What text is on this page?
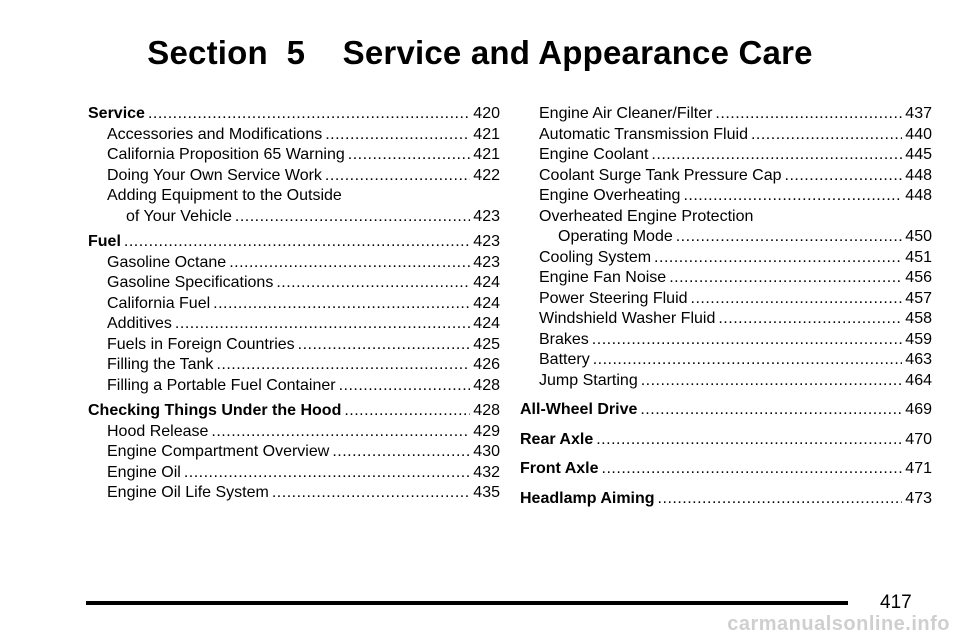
Section  5    Service and Appearance Care
Service .....	420
Accessories and Modifications .....	421
California Proposition 65 Warning .....	421
Doing Your Own Service Work .....	422
Adding Equipment to the Outside
of Your Vehicle .....	423
Fuel .....	423
Gasoline Octane .....	423
Gasoline Specifications .....	424
California Fuel .....	424
Additives .....	424
Fuels in Foreign Countries .....	425
Filling the Tank .....	426
Filling a Portable Fuel Container .....	428
Checking Things Under the Hood .....	428
Hood Release .....	429
Engine Compartment Overview .....	430
Engine Oil .....	432
Engine Oil Life System .....	435
Engine Air Cleaner/Filter .....	437
Automatic Transmission Fluid .....	440
Engine Coolant .....	445
Coolant Surge Tank Pressure Cap .....	448
Engine Overheating .....	448
Overheated Engine Protection
Operating Mode .....	450
Cooling System .....	451
Engine Fan Noise .....	456
Power Steering Fluid .....	457
Windshield Washer Fluid .....	458
Brakes .....	459
Battery .....	463
Jump Starting .....	464
All-Wheel Drive .....	469
Rear Axle .....	470
Front Axle .....	471
Headlamp Aiming .....	473
417
carmanualsonline.info
